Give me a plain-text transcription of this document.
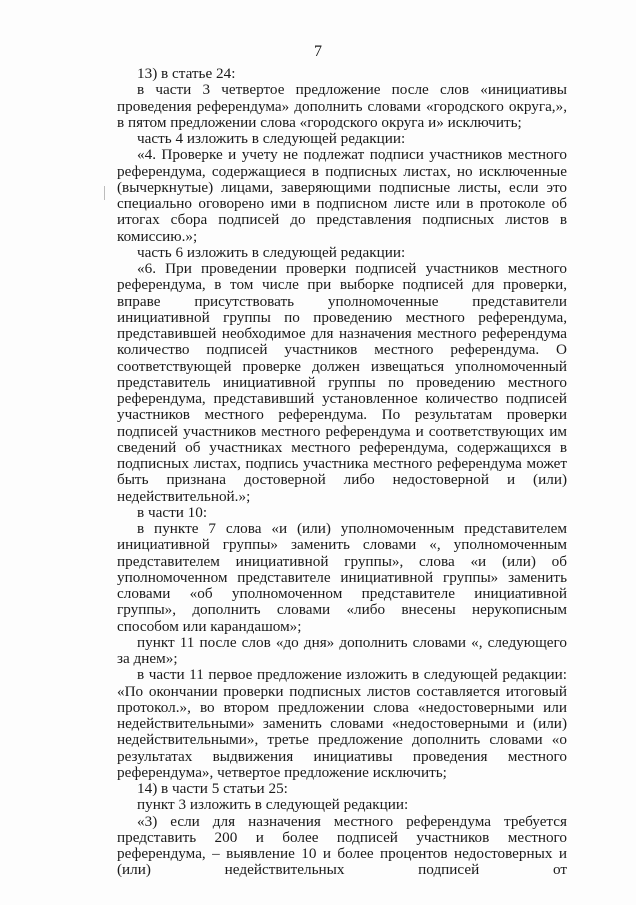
7

13) в статье 24:

в части 3 четвертое предложение после слов «инициативы проведения референдума» дополнить словами «городского округа,», в пятом предложении слова «городского округа и» исключить;

часть 4 изложить в следующей редакции:

«4. Проверке и учету не подлежат подписи участников местного референдума, содержащиеся в подписных листах, но исключенные (вычеркнутые) лицами, заверяющими подписные листы, если это специально оговорено ими в подписном листе или в протоколе об итогах сбора подписей до представления подписных листов в комиссию.»;

часть 6 изложить в следующей редакции:

«6. При проведении проверки подписей участников местного референдума, в том числе при выборке подписей для проверки, вправе присутствовать уполномоченные представители инициативной группы по проведению местного референдума, представившей необходимое для назначения местного референдума количество подписей участников местного референдума. О соответствующей проверке должен извещаться уполномоченный представитель инициативной группы по проведению местного референдума, представивший установленное количество подписей участников местного референдума. По результатам проверки подписей участников местного референдума и соответствующих им сведений об участниках местного референдума, содержащихся в подписных листах, подпись участника местного референдума может быть признана достоверной либо недостоверной и (или) недействительной.»;

в части 10:

в пункте 7 слова «и (или) уполномоченным представителем инициативной группы» заменить словами «, уполномоченным представителем инициативной группы», слова «и (или) об уполномоченном представителе инициативной группы» заменить словами «об уполномоченном представителе инициативной группы», дополнить словами «либо внесены нерукописным способом или карандашом»;

пункт 11 после слов «до дня» дополнить словами «, следующего за днем»;

в части 11 первое предложение изложить в следующей редакции: «По окончании проверки подписных листов составляется итоговый протокол.», во втором предложении слова «недостоверными или недействительными» заменить словами «недостоверными и (или) недействительными», третье предложение дополнить словами «о результатах выдвижения инициативы проведения местного референдума», четвертое предложение исключить;

14) в части 5 статьи 25:

пункт 3 изложить в следующей редакции:

«3) если для назначения местного референдума требуется представить 200 и более подписей участников местного референдума, – выявление 10 и более процентов недостоверных и (или) недействительных подписей от
